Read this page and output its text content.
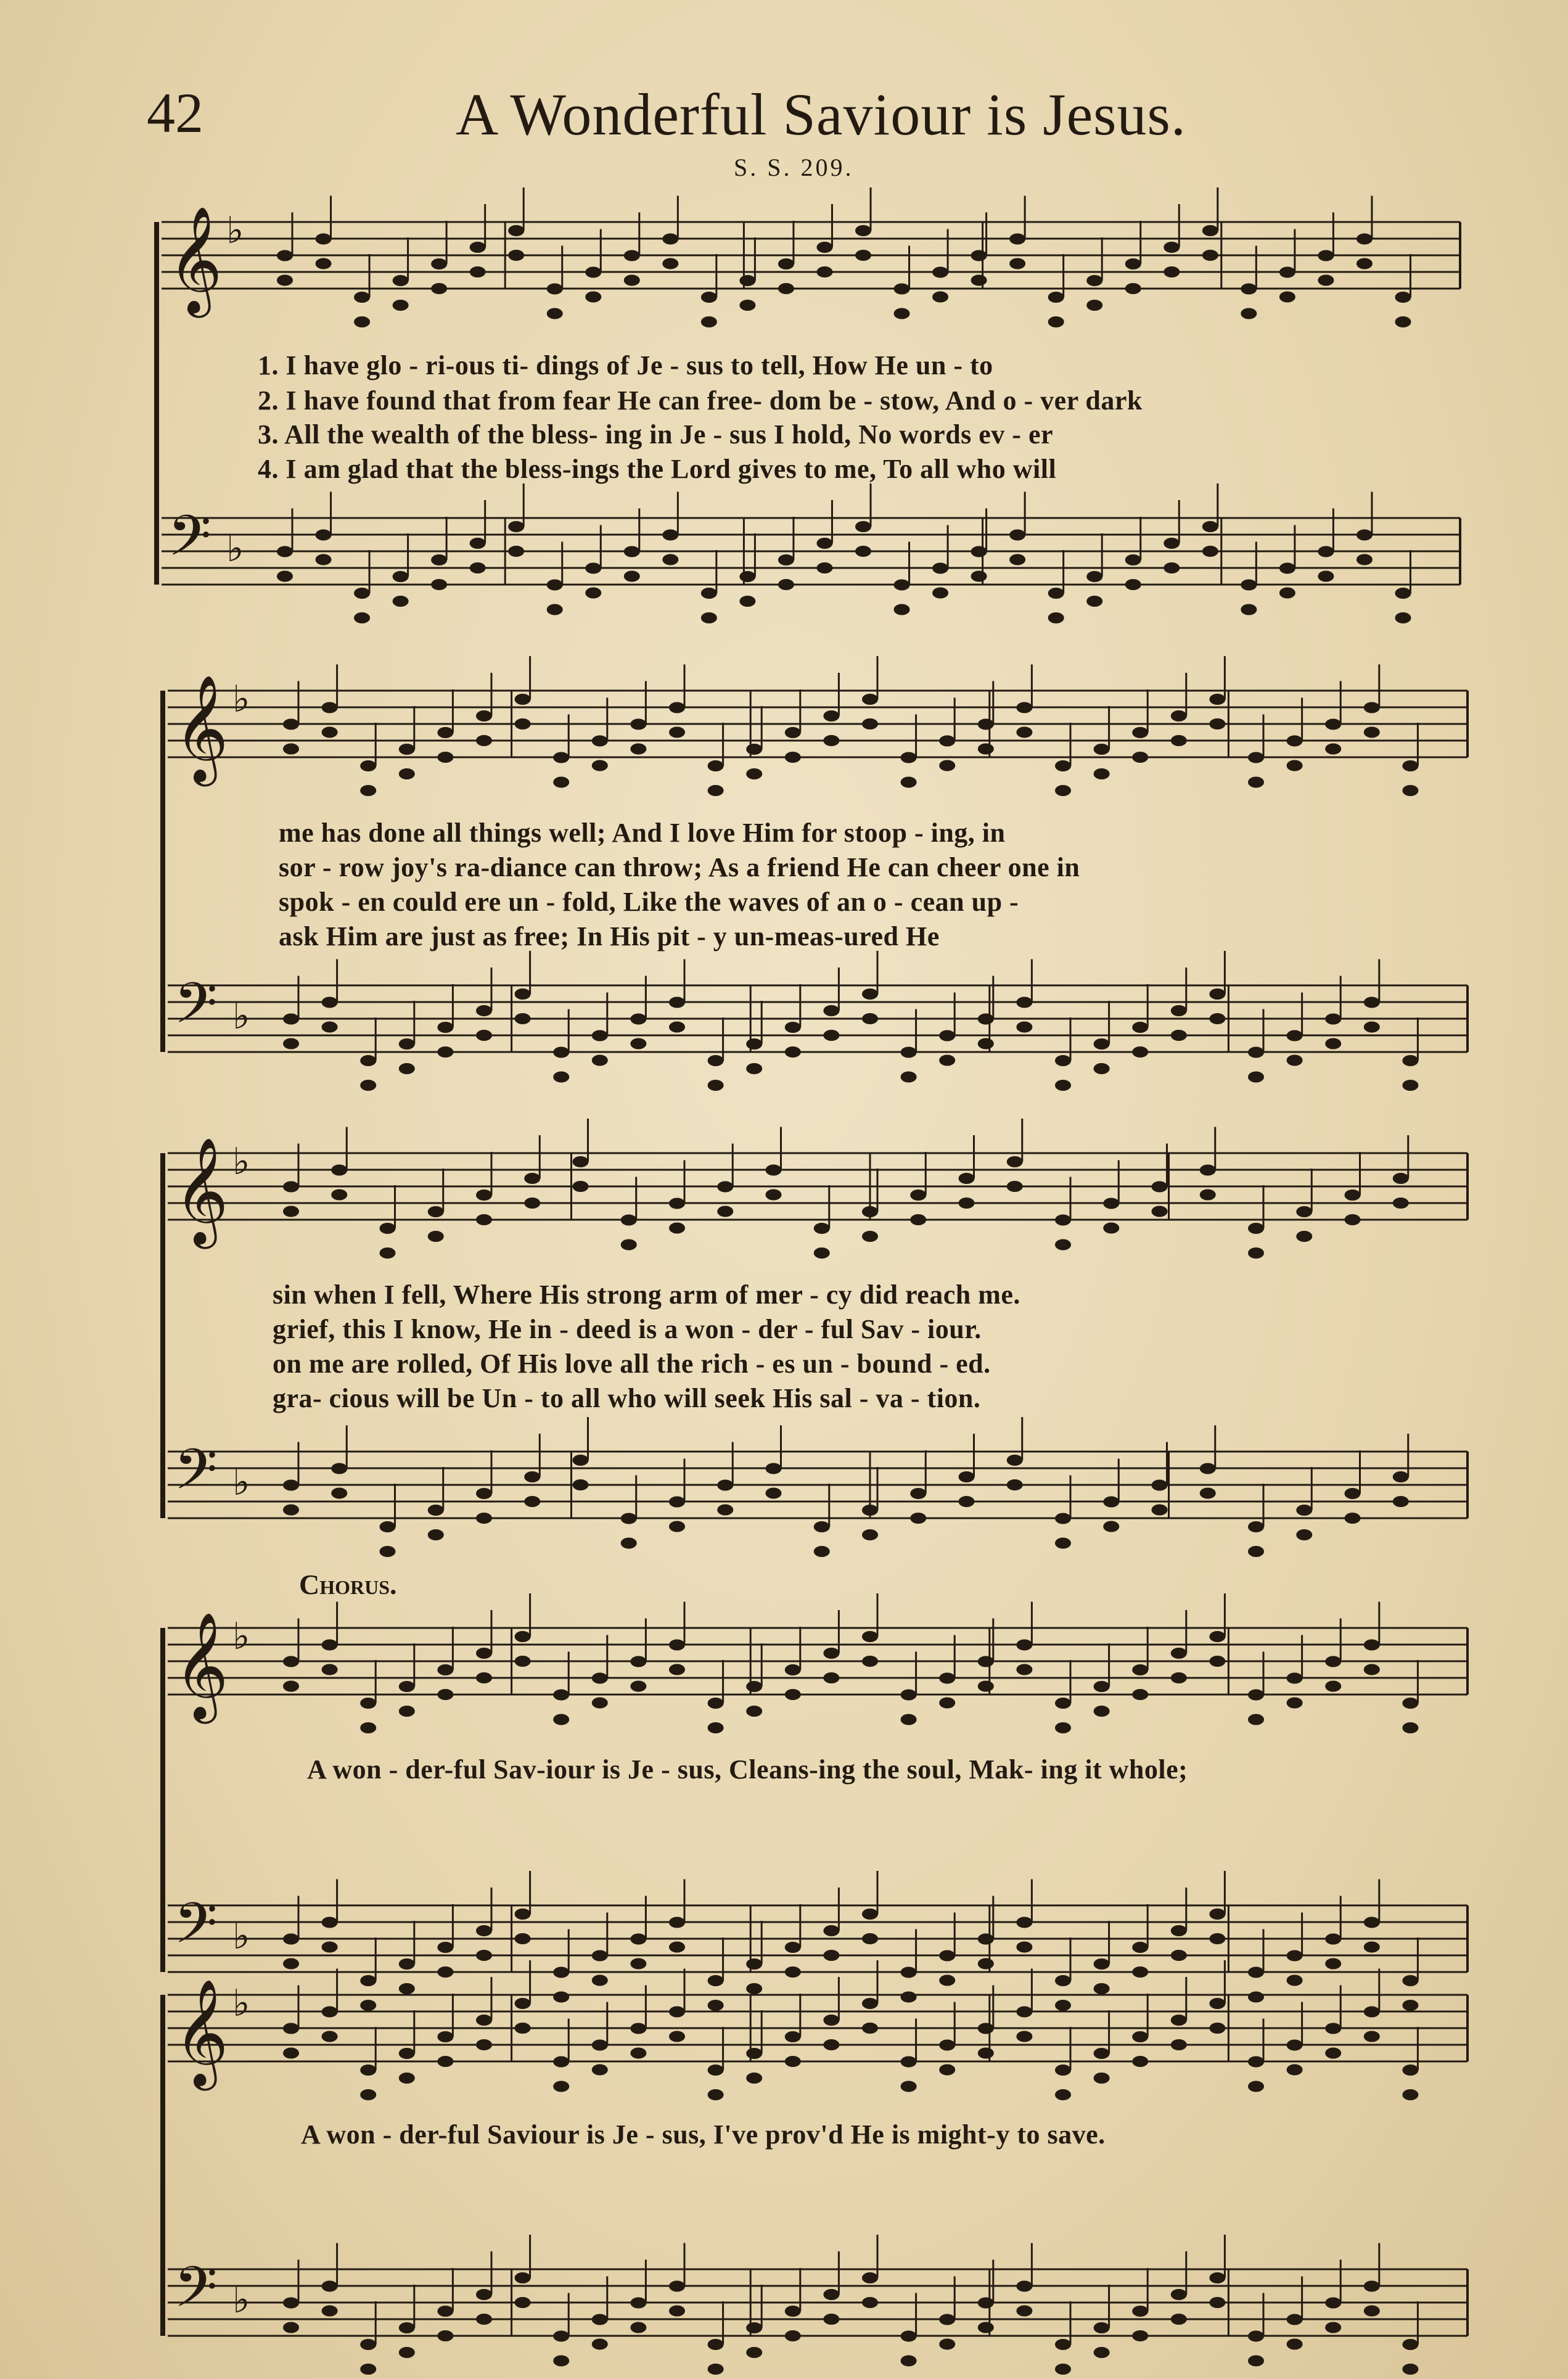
42	A Wonderful Saviour is Jesus.
S. S. 209.
𝄞 ♭
𝄢 ♭
1. I have glo - ri-ous ti- dings of Je - sus to tell, How He un - to
2. I have found that from fear He can free- dom be - stow, And o - ver dark
3. All the wealth of the bless- ing in Je - sus I hold, No words ev - er
4. I am glad that the bless-ings the Lord gives to me, To all who will
𝄞 ♭
𝄢 ♭
me has done all things well; And I love Him for stoop - ing, in
sor - row joy's ra-diance can throw; As a friend He can cheer one in
spok - en could ere un - fold, Like the waves of an o - cean up -
ask Him are just as free; In His pit - y un-meas-ured He
𝄞 ♭
𝄢 ♭
sin when I fell, Where His strong arm of mer - cy did reach me.
grief, this I know, He in - deed is a won - der - ful Sav - iour.
on me are rolled, Of His love all the rich - es un - bound - ed.
gra- cious will be Un - to all who will seek His sal - va - tion.
Chorus.
𝄞 ♭
𝄢 ♭
A won - der-ful Sav-iour is Je - sus, Cleans-ing the soul, Mak- ing it whole;
𝄞 ♭
𝄢 ♭
A won - der-ful Saviour is Je - sus, I've prov'd He is might-y to save.
